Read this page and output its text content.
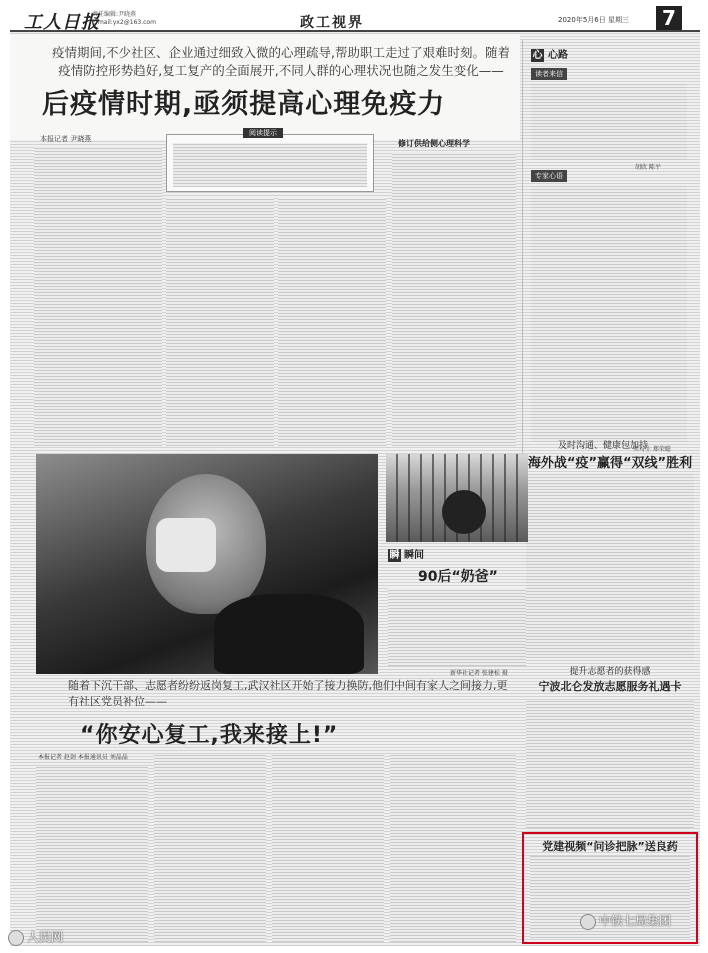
工人日报
责任编辑:尹晓燕
E-mail:yx2@163.com	政工视界	2020年5月6日 星期三	7
疫情期间,不少社区、企业通过细致入微的心理疏导,帮助职工走过了艰难时刻。随着疫情防控形势趋好,复工复产的全面展开,不同人群的心理状况也随之发生变化——
后疫情时期,亟须提高心理免疫力
本报记者 尹晓燕
阅读提示
修订供给侧心理科学
心 心路
读者来信
胡欣 陈平
专家心语
实习生 郑荣聪
及时沟通、健康包加持
海外战“疫”赢得“双线”胜利
瞬 瞬间
90后“奶爸”
新华社记者 张建松 摄	提升志愿者的获得感
宁波北仑发放志愿服务礼遇卡
随着下沉干部、志愿者纷纷返岗复工,武汉社区开始了接力换防,他们中间有家人之间接力,更有社区党员补位——
“你安心复工,我来接上!”
本报记者 赵剑 本报通讯员 刘晶晶
党建视频“问诊把脉”送良药
人民网
中铁七局集团
